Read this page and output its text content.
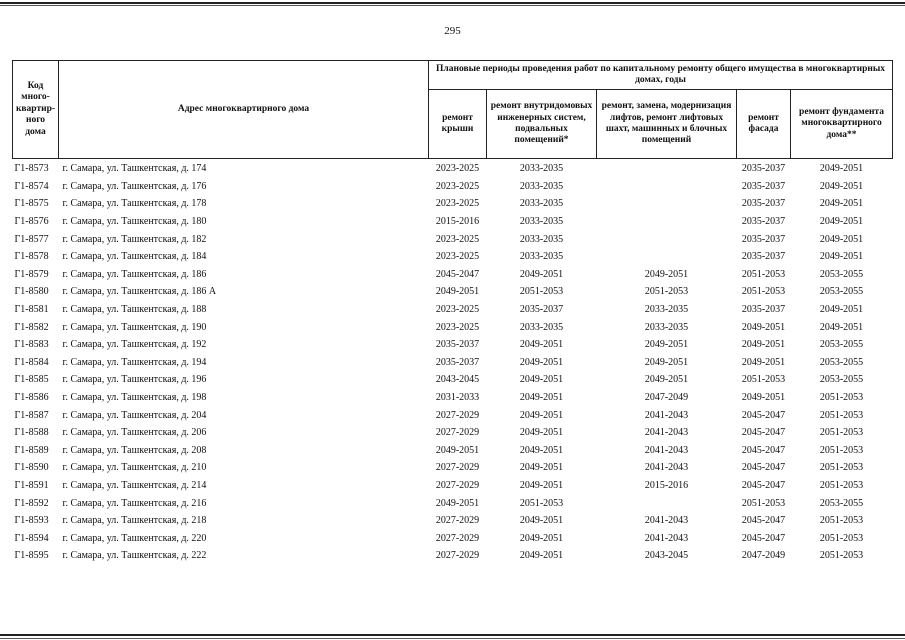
295
Код много-квартир-ного дома	Адрес многоквартирного дома	Плановые периоды проведения работ по капитальному ремонту общего имущества в многоквартирных домах, годы				
		ремонт крыши	ремонт внутридомовых инженерных систем, подвальных помещений*	ремонт, замена, модернизация лифтов, ремонт лифтовых шахт, машинных и блочных помещений	ремонт фасада	ремонт фундамента многоквартирного дома**
Г1-8573	г. Самара, ул. Ташкентская, д. 174	2023-2025	2033-2035		2035-2037	2049-2051
Г1-8574	г. Самара, ул. Ташкентская, д. 176	2023-2025	2033-2035		2035-2037	2049-2051
Г1-8575	г. Самара, ул. Ташкентская, д. 178	2023-2025	2033-2035		2035-2037	2049-2051
Г1-8576	г. Самара, ул. Ташкентская, д. 180	2015-2016	2033-2035		2035-2037	2049-2051
Г1-8577	г. Самара, ул. Ташкентская, д. 182	2023-2025	2033-2035		2035-2037	2049-2051
Г1-8578	г. Самара, ул. Ташкентская, д. 184	2023-2025	2033-2035		2035-2037	2049-2051
Г1-8579	г. Самара, ул. Ташкентская, д. 186	2045-2047	2049-2051	2049-2051	2051-2053	2053-2055
Г1-8580	г. Самара, ул. Ташкентская, д. 186 А	2049-2051	2051-2053	2051-2053	2051-2053	2053-2055
Г1-8581	г. Самара, ул. Ташкентская, д. 188	2023-2025	2035-2037	2033-2035	2035-2037	2049-2051
Г1-8582	г. Самара, ул. Ташкентская, д. 190	2023-2025	2033-2035	2033-2035	2049-2051	2049-2051
Г1-8583	г. Самара, ул. Ташкентская, д. 192	2035-2037	2049-2051	2049-2051	2049-2051	2053-2055
Г1-8584	г. Самара, ул. Ташкентская, д. 194	2035-2037	2049-2051	2049-2051	2049-2051	2053-2055
Г1-8585	г. Самара, ул. Ташкентская, д. 196	2043-2045	2049-2051	2049-2051	2051-2053	2053-2055
Г1-8586	г. Самара, ул. Ташкентская, д. 198	2031-2033	2049-2051	2047-2049	2049-2051	2051-2053
Г1-8587	г. Самара, ул. Ташкентская, д. 204	2027-2029	2049-2051	2041-2043	2045-2047	2051-2053
Г1-8588	г. Самара, ул. Ташкентская, д. 206	2027-2029	2049-2051	2041-2043	2045-2047	2051-2053
Г1-8589	г. Самара, ул. Ташкентская, д. 208	2049-2051	2049-2051	2041-2043	2045-2047	2051-2053
Г1-8590	г. Самара, ул. Ташкентская, д. 210	2027-2029	2049-2051	2041-2043	2045-2047	2051-2053
Г1-8591	г. Самара, ул. Ташкентская, д. 214	2027-2029	2049-2051	2015-2016	2045-2047	2051-2053
Г1-8592	г. Самара, ул. Ташкентская, д. 216	2049-2051	2051-2053		2051-2053	2053-2055
Г1-8593	г. Самара, ул. Ташкентская, д. 218	2027-2029	2049-2051	2041-2043	2045-2047	2051-2053
Г1-8594	г. Самара, ул. Ташкентская, д. 220	2027-2029	2049-2051	2041-2043	2045-2047	2051-2053
Г1-8595	г. Самара, ул. Ташкентская, д. 222	2027-2029	2049-2051	2043-2045	2047-2049	2051-2053
